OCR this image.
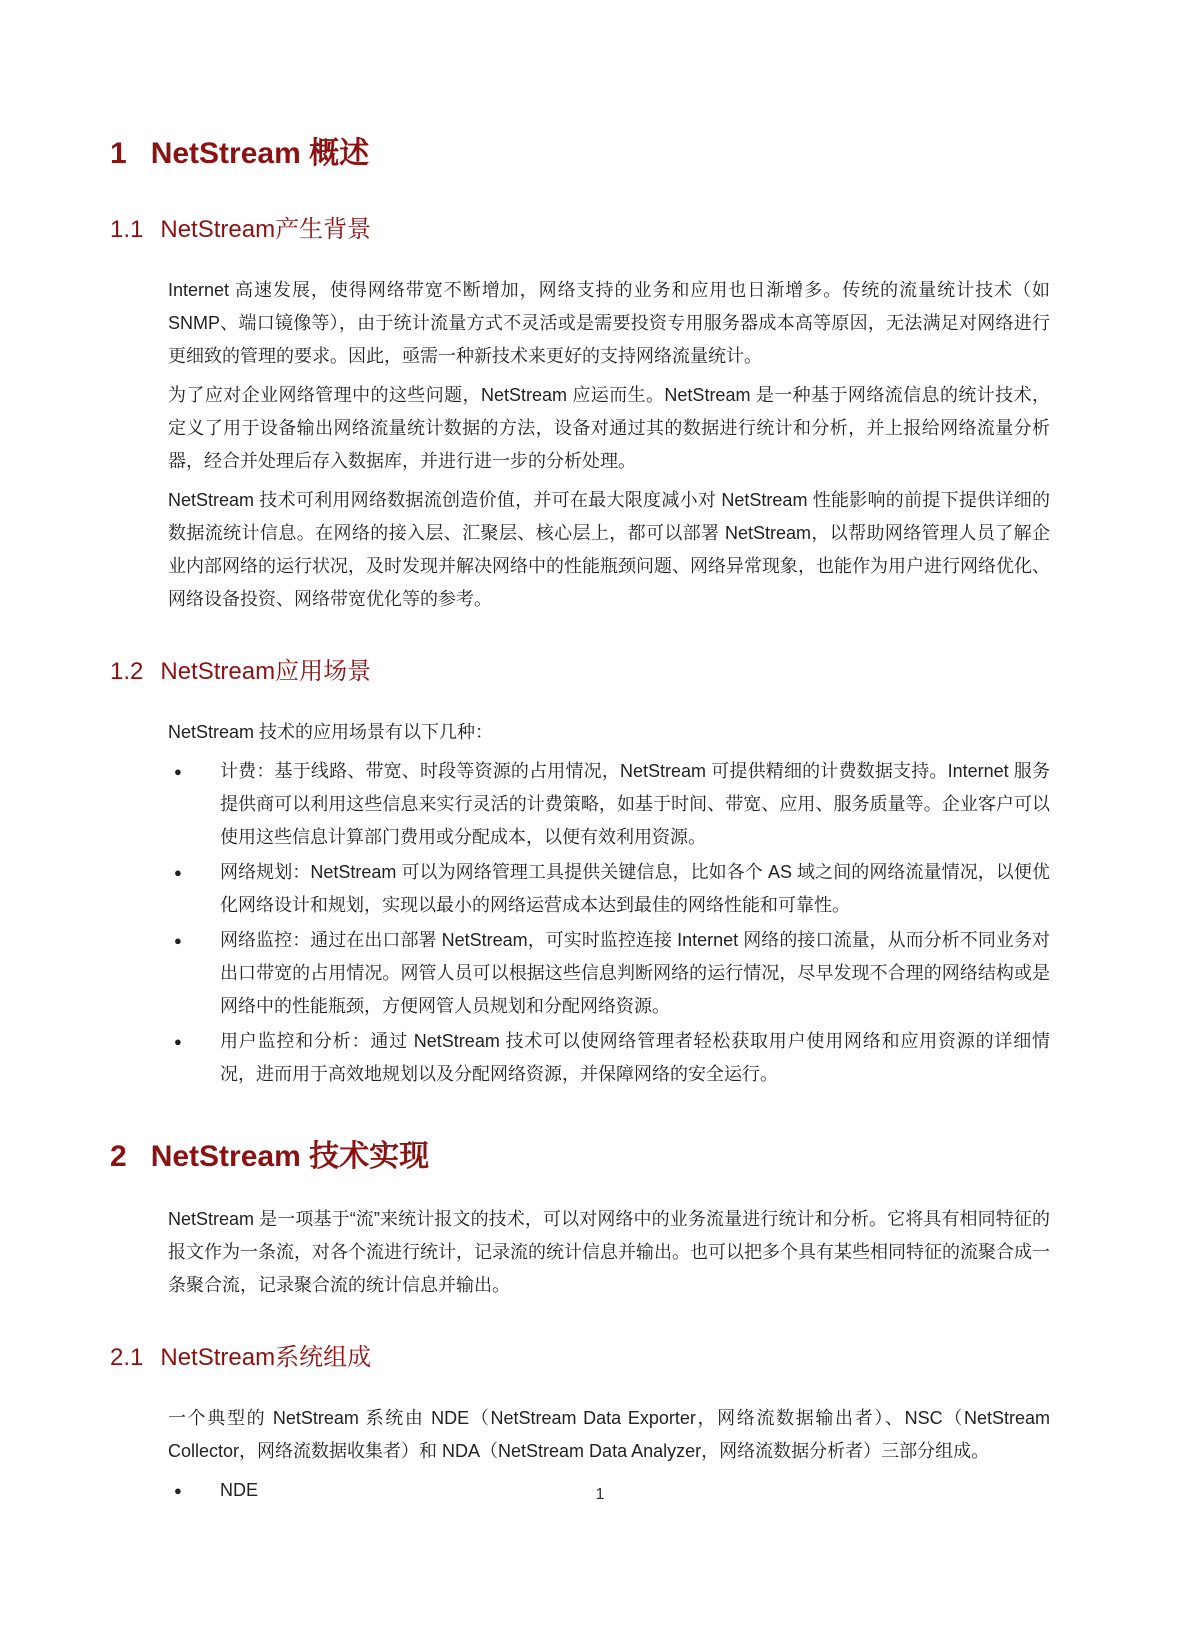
1 NetStream 概述
1.1 NetStream产生背景

Internet 高速发展，使得网络带宽不断增加，网络支持的业务和应用也日渐增多。传统的流量统计技术（如 SNMP、端口镜像等），由于统计流量方式不灵活或是需要投资专用服务器成本高等原因，无法满足对网络进行更细致的管理的要求。因此，亟需一种新技术来更好的支持网络流量统计。

为了应对企业网络管理中的这些问题，NetStream 应运而生。NetStream 是一种基于网络流信息的统计技术，定义了用于设备输出网络流量统计数据的方法，设备对通过其的数据进行统计和分析，并上报给网络流量分析器，经合并处理后存入数据库，并进行进一步的分析处理。

NetStream 技术可利用网络数据流创造价值，并可在最大限度减小对 NetStream 性能影响的前提下提供详细的数据流统计信息。在网络的接入层、汇聚层、核心层上，都可以部署 NetStream，以帮助网络管理人员了解企业内部网络的运行状况，及时发现并解决网络中的性能瓶颈问题、网络异常现象，也能作为用户进行网络优化、网络设备投资、网络带宽优化等的参考。

1.2 NetStream应用场景

NetStream 技术的应用场景有以下几种：

●	计费：基于线路、带宽、时段等资源的占用情况，NetStream 可提供精细的计费数据支持。Internet 服务提供商可以利用这些信息来实行灵活的计费策略，如基于时间、带宽、应用、服务质量等。企业客户可以使用这些信息计算部门费用或分配成本，以便有效利用资源。
●	网络规划：NetStream 可以为网络管理工具提供关键信息，比如各个 AS 域之间的网络流量情况，以便优化网络设计和规划，实现以最小的网络运营成本达到最佳的网络性能和可靠性。
●	网络监控：通过在出口部署 NetStream，可实时监控连接 Internet 网络的接口流量，从而分析不同业务对出口带宽的占用情况。网管人员可以根据这些信息判断网络的运行情况，尽早发现不合理的网络结构或是网络中的性能瓶颈，方便网管人员规划和分配网络资源。
●	用户监控和分析：通过 NetStream 技术可以使网络管理者轻松获取用户使用网络和应用资源的详细情况，进而用于高效地规划以及分配网络资源，并保障网络的安全运行。
2 NetStream 技术实现

NetStream 是一项基于“流”来统计报文的技术，可以对网络中的业务流量进行统计和分析。它将具有相同特征的报文作为一条流，对各个流进行统计，记录流的统计信息并输出。也可以把多个具有某些相同特征的流聚合成一条聚合流，记录聚合流的统计信息并输出。

2.1 NetStream系统组成

一个典型的 NetStream 系统由 NDE（NetStream Data Exporter，网络流数据输出者）、NSC（NetStream Collector，网络流数据收集者）和 NDA（NetStream Data Analyzer，网络流数据分析者）三部分组成。

●	NDE	1
